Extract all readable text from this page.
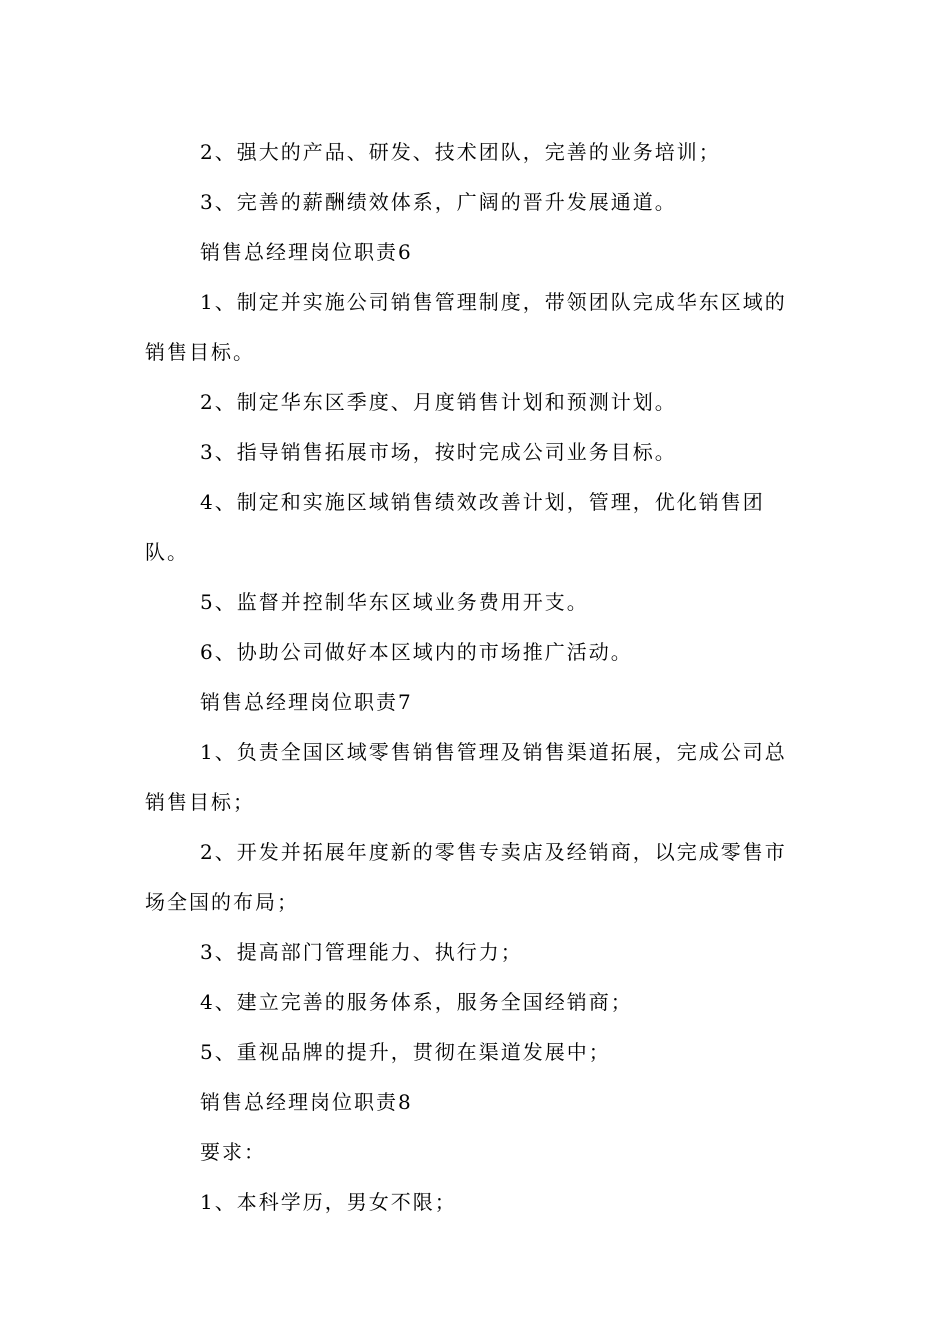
2、强大的产品、研发、技术团队，完善的业务培训；
3、完善的薪酬绩效体系，广阔的晋升发展通道。
销售总经理岗位职责6
1、制定并实施公司销售管理制度，带领团队完成华东区域的
销售目标。
2、制定华东区季度、月度销售计划和预测计划。
3、指导销售拓展市场，按时完成公司业务目标。
4、制定和实施区域销售绩效改善计划，管理，优化销售团
队。
5、监督并控制华东区域业务费用开支。
6、协助公司做好本区域内的市场推广活动。
销售总经理岗位职责7
1、负责全国区域零售销售管理及销售渠道拓展，完成公司总
销售目标；
2、开发并拓展年度新的零售专卖店及经销商，以完成零售市
场全国的布局；
3、提高部门管理能力、执行力；
4、建立完善的服务体系，服务全国经销商；
5、重视品牌的提升，贯彻在渠道发展中；
销售总经理岗位职责8
要求：
1、本科学历，男女不限；
